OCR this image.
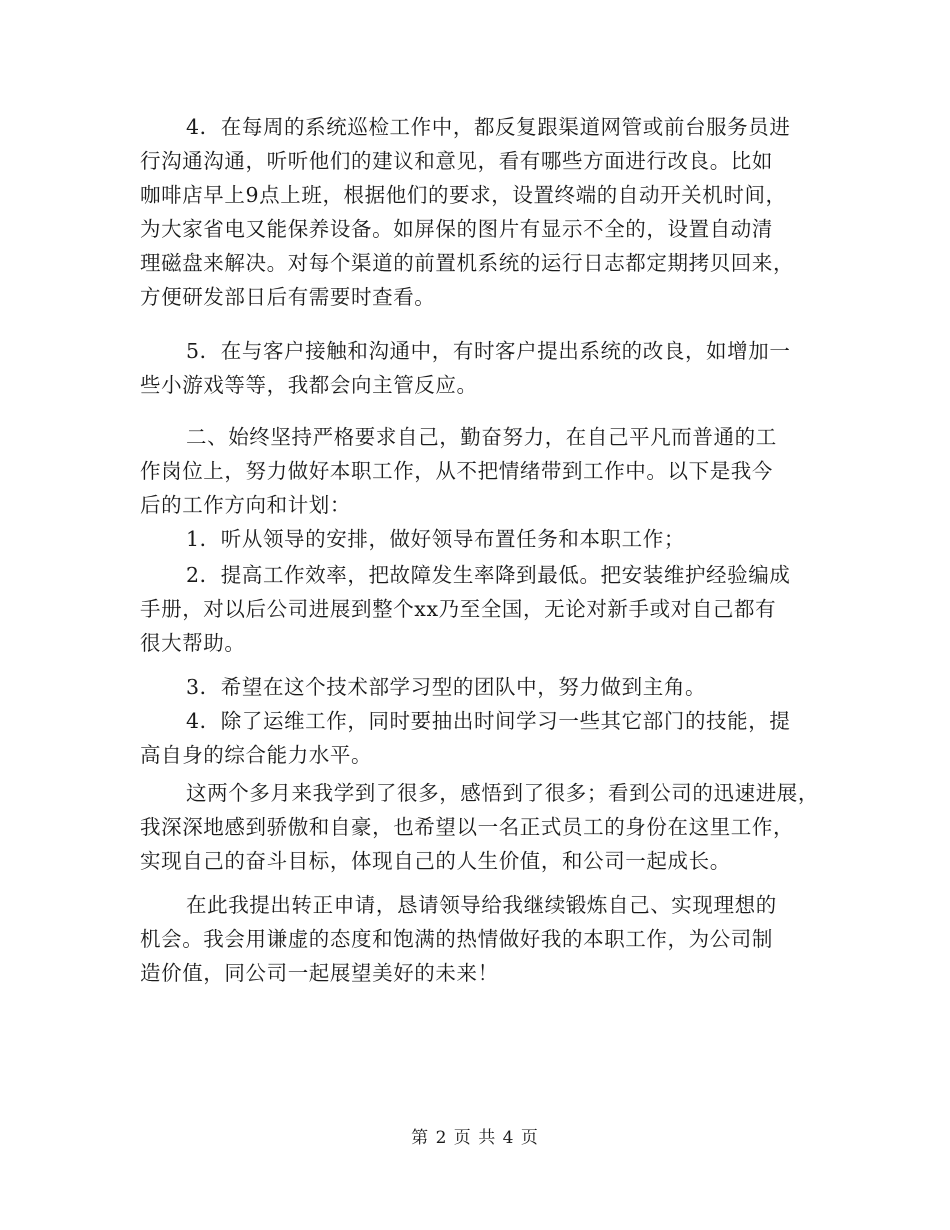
4．在每周的系统巡检工作中，都反复跟渠道网管或前台服务员进
行沟通沟通，听听他们的建议和意见，看有哪些方面进行改良。比如
咖啡店早上9点上班，根据他们的要求，设置终端的自动开关机时间，
为大家省电又能保养设备。如屏保的图片有显示不全的，设置自动清
理磁盘来解决。对每个渠道的前置机系统的运行日志都定期拷贝回来，
方便研发部日后有需要时查看。
5．在与客户接触和沟通中，有时客户提出系统的改良，如增加一
些小游戏等等，我都会向主管反应。
二、始终坚持严格要求自己，勤奋努力，在自己平凡而普通的工
作岗位上，努力做好本职工作，从不把情绪带到工作中。以下是我今
后的工作方向和计划：
1．听从领导的安排，做好领导布置任务和本职工作；
2．提高工作效率，把故障发生率降到最低。把安装维护经验编成
手册，对以后公司进展到整个xx乃至全国，无论对新手或对自己都有
很大帮助。
3．希望在这个技术部学习型的团队中，努力做到主角。
4．除了运维工作，同时要抽出时间学习一些其它部门的技能，提
高自身的综合能力水平。
这两个多月来我学到了很多，感悟到了很多；看到公司的迅速进展，
我深深地感到骄傲和自豪，也希望以一名正式员工的身份在这里工作，
实现自己的奋斗目标，体现自己的人生价值，和公司一起成长。
在此我提出转正申请，恳请领导给我继续锻炼自己、实现理想的
机会。我会用谦虚的态度和饱满的热情做好我的本职工作，为公司制
造价值，同公司一起展望美好的未来！
第 2 页 共 4 页
